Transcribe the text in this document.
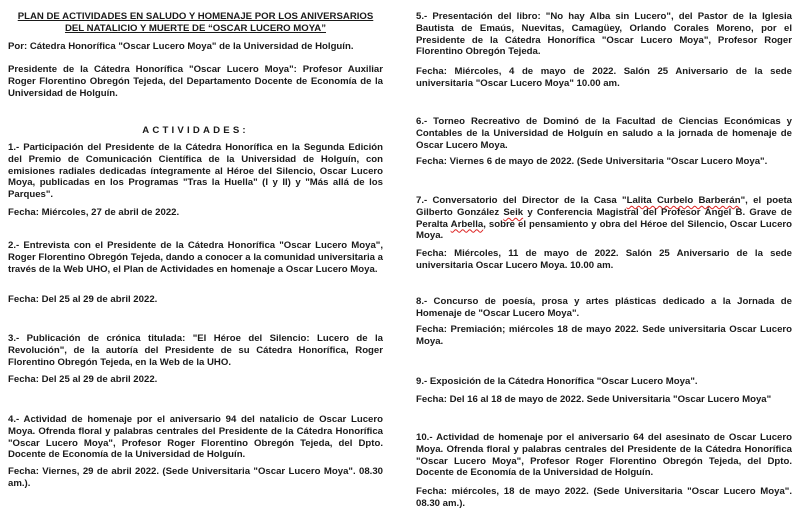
PLAN DE ACTIVIDADES EN SALUDO Y HOMENAJE POR LOS ANIVERSARIOS DEL NATALICIO Y MUERTE DE “OSCAR LUCERO MOYA”

Por: Cátedra Honorífica "Oscar Lucero Moya" de la Universidad de Holguín.

Presidente de la Cátedra Honorífica "Oscar Lucero Moya": Profesor Auxiliar Roger Florentino Obregón Tejeda, del Departamento Docente de Economía de la Universidad de Holguín.

ACTIVIDADES:

1.- Participación del Presidente de la Cátedra Honorífica en la Segunda Edición del Premio de Comunicación Científica de la Universidad de Holguín, con emisiones radiales dedicadas íntegramente al Héroe del Silencio, Oscar Lucero Moya, publicadas en los Programas "Tras la Huella" (I y II) y "Más allá de los Parques".

Fecha: Miércoles, 27 de abril de 2022.

2.- Entrevista con el Presidente de la Cátedra Honorífica "Oscar Lucero Moya", Roger Florentino Obregón Tejeda, dando a conocer a la comunidad universitaria a través de la Web UHO, el Plan de Actividades en homenaje a Oscar Lucero Moya.

Fecha: Del 25 al 29 de abril 2022.

3.- Publicación de crónica titulada: "El Héroe del Silencio: Lucero de la Revolución", de la autoría del Presidente de su Cátedra Honorífica, Roger Florentino Obregón Tejeda, en la Web de la UHO.

Fecha: Del 25 al 29 de abril 2022.

4.- Actividad de homenaje por el aniversario 94 del natalicio de Oscar Lucero Moya. Ofrenda floral y palabras centrales del Presidente de la Cátedra Honorífica "Oscar Lucero Moya", Profesor Roger Florentino Obregón Tejeda, del Dpto. Docente de Economía de la Universidad de Holguín.

Fecha: Viernes, 29 de abril 2022. (Sede Universitaria "Oscar Lucero Moya". 08.30 am.).

5.- Presentación del libro: "No hay Alba sin Lucero", del Pastor de la Iglesia Bautista de Emaús, Nuevitas, Camagüey, Orlando Corales Moreno, por el Presidente de la Cátedra Honorífica "Oscar Lucero Moya", Profesor Roger Florentino Obregón Tejeda.

Fecha: Miércoles, 4 de mayo de 2022. Salón 25 Aniversario de la sede universitaria "Oscar Lucero Moya" 10.00 am.

6.- Torneo Recreativo de Dominó de la Facultad de Ciencias Económicas y Contables de la Universidad de Holguín en saludo a la jornada de homenaje de Oscar Lucero Moya.

Fecha: Viernes 6 de mayo de 2022. (Sede Universitaria "Oscar Lucero Moya".

7.- Conversatorio del Director de la Casa "Lalita Curbelo Barberán", el poeta Gilberto González Seik y Conferencia Magistral del Profesor Ángel B. Grave de Peralta Arbella, sobre el pensamiento y obra del Héroe del Silencio, Oscar Lucero Moya.

Fecha: Miércoles, 11 de mayo de 2022. Salón 25 Aniversario de la sede universitaria Oscar Lucero Moya. 10.00 am.

8.- Concurso de poesía, prosa y artes plásticas dedicado a la Jornada de Homenaje de "Oscar Lucero Moya".

Fecha: Premiación; miércoles 18 de mayo 2022. Sede universitaria Oscar Lucero Moya.

9.- Exposición de la Cátedra Honorífica "Oscar Lucero Moya".

Fecha: Del 16 al 18 de mayo de 2022. Sede Universitaria "Oscar Lucero Moya"

10.- Actividad de homenaje por el aniversario 64 del asesinato de Oscar Lucero Moya. Ofrenda floral y palabras centrales del Presidente de la Cátedra Honorífica "Oscar Lucero Moya", Profesor Roger Florentino Obregón Tejeda, del Dpto. Docente de Economía de la Universidad de Holguín.

Fecha: miércoles, 18 de mayo 2022. (Sede Universitaria "Oscar Lucero Moya". 08.30 am.).
